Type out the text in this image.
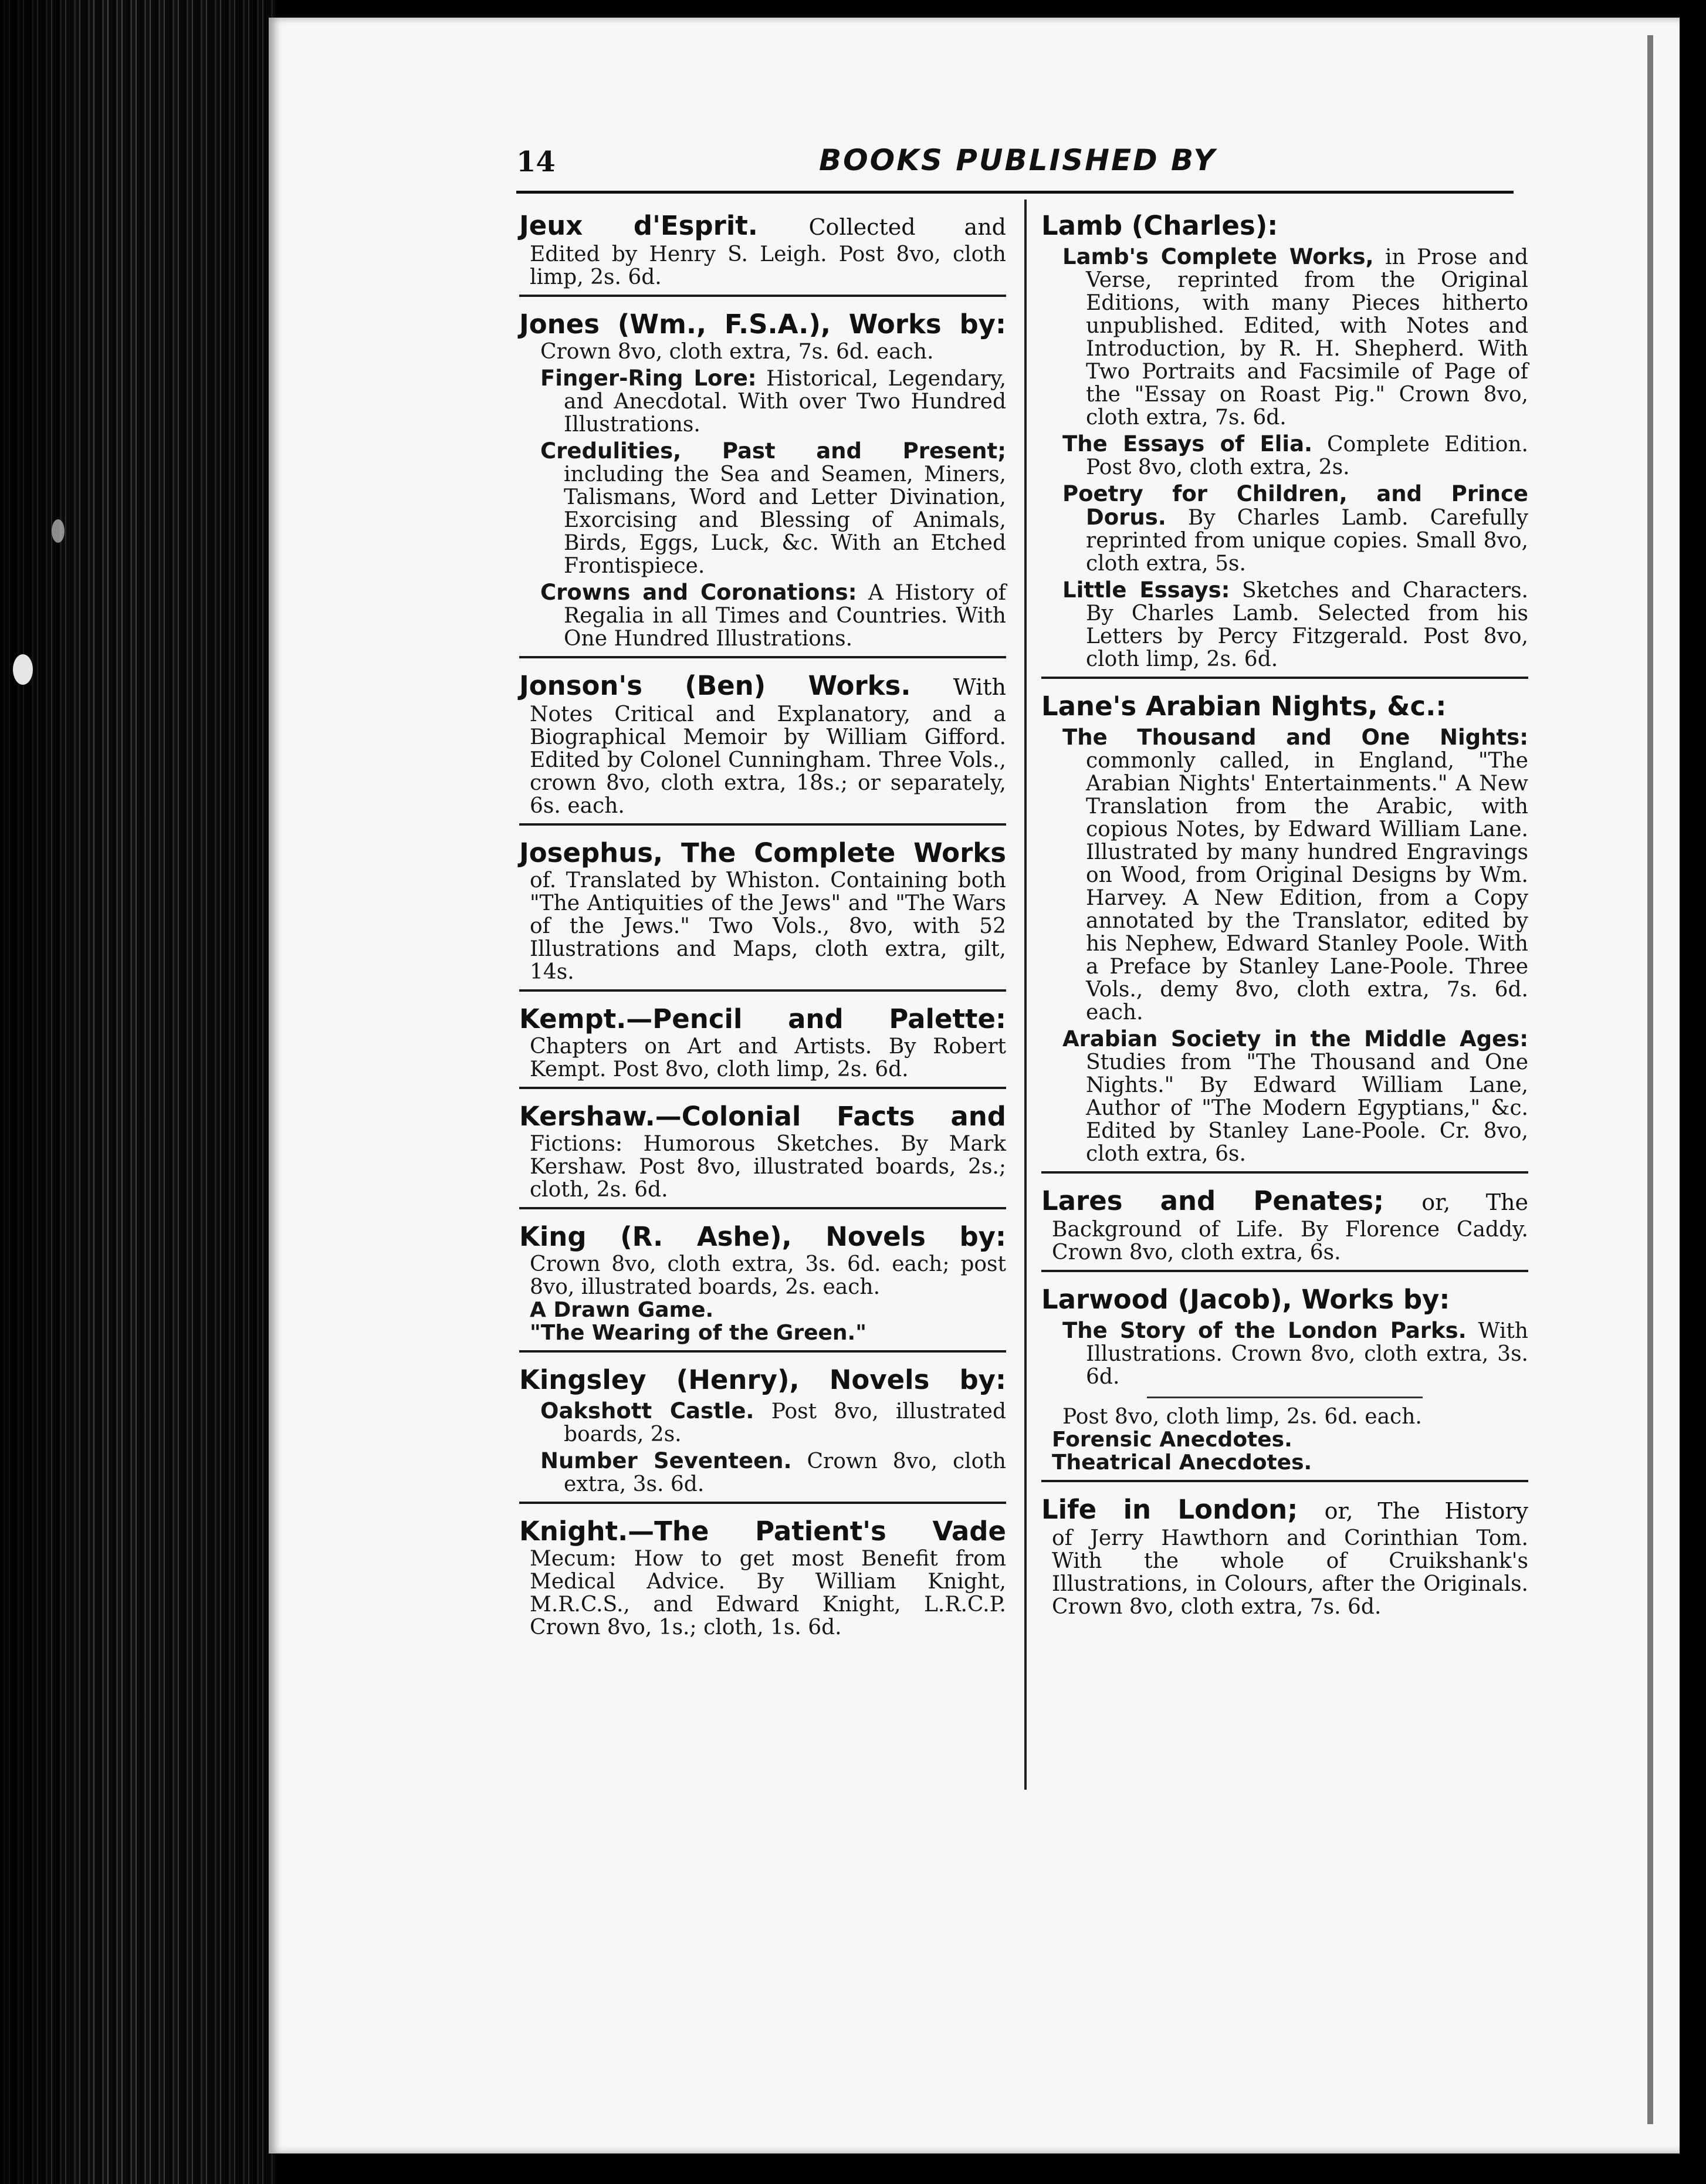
14	BOOKS PUBLISHED BY
Jeux d'Esprit. Collected and
Edited by Henry S. Leigh. Post 8vo, cloth limp, 2s. 6d.
Jones (Wm., F.S.A.), Works by:
Crown 8vo, cloth extra, 7s. 6d. each.
Finger-Ring Lore: Historical, Legendary, and Anecdotal. With over Two Hundred Illustrations.
Credulities, Past and Present; including the Sea and Seamen, Miners, Talismans, Word and Letter Divination, Exorcising and Blessing of Animals, Birds, Eggs, Luck, &c. With an Etched Frontispiece.
Crowns and Coronations: A History of Regalia in all Times and Countries. With One Hundred Illustrations.
Jonson's (Ben) Works. With
Notes Critical and Explanatory, and a Biographical Memoir by William Gifford. Edited by Colonel Cunningham. Three Vols., crown 8vo, cloth extra, 18s.; or separately, 6s. each.
Josephus, The Complete Works
of. Translated by Whiston. Containing both "The Antiquities of the Jews" and "The Wars of the Jews." Two Vols., 8vo, with 52 Illustrations and Maps, cloth extra, gilt, 14s.
Kempt.—Pencil and Palette:
Chapters on Art and Artists. By Robert Kempt. Post 8vo, cloth limp, 2s. 6d.
Kershaw.—Colonial Facts and
Fictions: Humorous Sketches. By Mark Kershaw. Post 8vo, illustrated boards, 2s.; cloth, 2s. 6d.
King (R. Ashe), Novels by:
Crown 8vo, cloth extra, 3s. 6d. each; post 8vo, illustrated boards, 2s. each.
A Drawn Game.
"The Wearing of the Green."
Kingsley (Henry), Novels by:
Oakshott Castle. Post 8vo, illustrated boards, 2s.
Number Seventeen. Crown 8vo, cloth extra, 3s. 6d.
Knight.—The Patient's Vade
Mecum: How to get most Benefit from Medical Advice. By William Knight, M.R.C.S., and Edward Knight, L.R.C.P. Crown 8vo, 1s.; cloth, 1s. 6d.
Lamb (Charles):
Lamb's Complete Works, in Prose and Verse, reprinted from the Original Editions, with many Pieces hitherto unpublished. Edited, with Notes and Introduction, by R. H. Shepherd. With Two Portraits and Facsimile of Page of the "Essay on Roast Pig." Crown 8vo, cloth extra, 7s. 6d.
The Essays of Elia. Complete Edition. Post 8vo, cloth extra, 2s.
Poetry for Children, and Prince Dorus. By Charles Lamb. Carefully reprinted from unique copies. Small 8vo, cloth extra, 5s.
Little Essays: Sketches and Characters. By Charles Lamb. Selected from his Letters by Percy Fitzgerald. Post 8vo, cloth limp, 2s. 6d.
Lane's Arabian Nights, &c.:
The Thousand and One Nights: commonly called, in England, "The Arabian Nights' Entertainments." A New Translation from the Arabic, with copious Notes, by Edward William Lane. Illustrated by many hundred Engravings on Wood, from Original Designs by Wm. Harvey. A New Edition, from a Copy annotated by the Translator, edited by his Nephew, Edward Stanley Poole. With a Preface by Stanley Lane-Poole. Three Vols., demy 8vo, cloth extra, 7s. 6d. each.
Arabian Society in the Middle Ages: Studies from "The Thousand and One Nights." By Edward William Lane, Author of "The Modern Egyptians," &c. Edited by Stanley Lane-Poole. Cr. 8vo, cloth extra, 6s.
Lares and Penates; or, The
Background of Life. By Florence Caddy. Crown 8vo, cloth extra, 6s.
Larwood (Jacob), Works by:
The Story of the London Parks. With Illustrations. Crown 8vo, cloth extra, 3s. 6d.
Post 8vo, cloth limp, 2s. 6d. each.
Forensic Anecdotes.
Theatrical Anecdotes.
Life in London; or, The History
of Jerry Hawthorn and Corinthian Tom. With the whole of Cruikshank's Illustrations, in Colours, after the Originals. Crown 8vo, cloth extra, 7s. 6d.
